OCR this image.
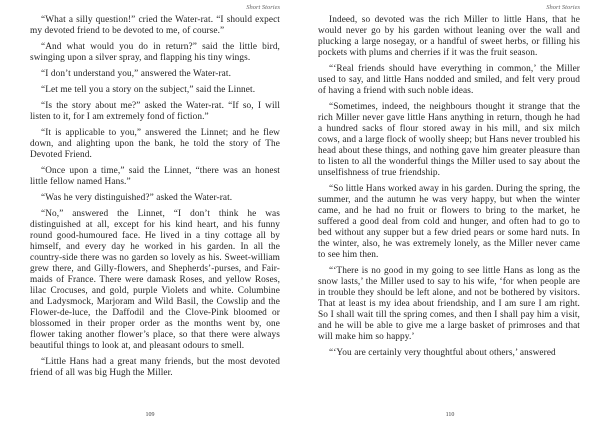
Short Stories

“What a silly question!” cried the Water-rat. “I should expect my devoted friend to be devoted to me, of course.”

“And what would you do in return?” said the little bird, swinging upon a silver spray, and flapping his tiny wings.

“I don’t understand you,” answered the Water-rat.

“Let me tell you a story on the subject,” said the Linnet.

“Is the story about me?” asked the Water-rat. “If so, I will listen to it, for I am extremely fond of fiction.”

“It is applicable to you,” answered the Linnet; and he flew down, and alighting upon the bank, he told the story of The Devoted Friend.

“Once upon a time,” said the Linnet, “there was an honest little fellow named Hans.”

“Was he very distinguished?” asked the Water-rat.

“No,” answered the Linnet, “I don’t think he was distinguished at all, except for his kind heart, and his funny round good-humoured face. He lived in a tiny cottage all by himself, and every day he worked in his garden. In all the country-side there was no garden so lovely as his. Sweet-william grew there, and Gilly-flowers, and Shepherds’-purses, and Fair-maids of France. There were damask Roses, and yellow Roses, lilac Crocuses, and gold, purple Violets and white. Columbine and Ladysmock, Marjoram and Wild Basil, the Cowslip and the Flower-de-luce, the Daffodil and the Clove-Pink bloomed or blossomed in their proper order as the months went by, one flower taking another flower’s place, so that there were always beautiful things to look at, and pleasant odours to smell.

“Little Hans had a great many friends, but the most devoted friend of all was big Hugh the Miller.

109
Short Stories

Indeed, so devoted was the rich Miller to little Hans, that he would never go by his garden without leaning over the wall and plucking a large nosegay, or a handful of sweet herbs, or filling his pockets with plums and cherries if it was the fruit season.

“‘Real friends should have everything in common,’ the Miller used to say, and little Hans nodded and smiled, and felt very proud of having a friend with such noble ideas.

“Sometimes, indeed, the neighbours thought it strange that the rich Miller never gave little Hans anything in return, though he had a hundred sacks of flour stored away in his mill, and six milch cows, and a large flock of woolly sheep; but Hans never troubled his head about these things, and nothing gave him greater pleasure than to listen to all the wonderful things the Miller used to say about the unselfishness of true friendship.

“So little Hans worked away in his garden. During the spring, the summer, and the autumn he was very happy, but when the winter came, and he had no fruit or flowers to bring to the market, he suffered a good deal from cold and hunger, and often had to go to bed without any supper but a few dried pears or some hard nuts. In the winter, also, he was extremely lonely, as the Miller never came to see him then.

“‘There is no good in my going to see little Hans as long as the snow lasts,’ the Miller used to say to his wife, ‘for when people are in trouble they should be left alone, and not be bothered by visitors. That at least is my idea about friendship, and I am sure I am right. So I shall wait till the spring comes, and then I shall pay him a visit, and he will be able to give me a large basket of primroses and that will make him so happy.’

“‘You are certainly very thoughtful about others,’ answered

110
